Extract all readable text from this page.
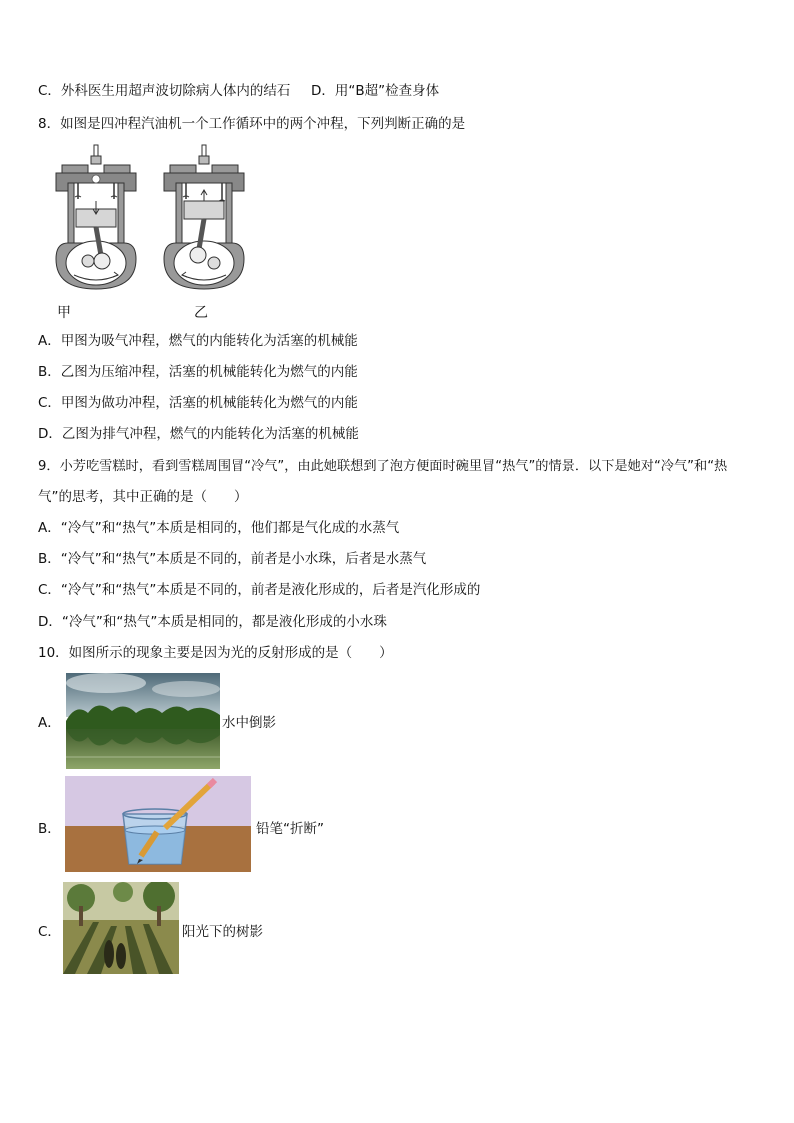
C．外科医生用超声波切除病人体内的结石 D．用“B超”检查身体
8．如图是四冲程汽油机一个工作循环中的两个冲程，下列判断正确的是
甲	乙
A．甲图为吸气冲程，燃气的内能转化为活塞的机械能
B．乙图为压缩冲程，活塞的机械能转化为燃气的内能
C．甲图为做功冲程，活塞的机械能转化为燃气的内能
D．乙图为排气冲程，燃气的内能转化为活塞的机械能
9．小芳吃雪糕时，看到雪糕周围冒“冷气”，由此她联想到了泡方便面时碗里冒“热气”的情景．以下是她对“冷气”和“热
气”的思考，其中正确的是（　　）
A．“冷气”和“热气”本质是相同的，他们都是气化成的水蒸气
B．“冷气”和“热气”本质是不同的，前者是小水珠，后者是水蒸气
C．“冷气”和“热气”本质是不同的，前者是液化形成的，后者是汽化形成的
D．“冷气”和“热气”本质是相同的，都是液化形成的小水珠
10．如图所示的现象主要是因为光的反射形成的是（　　）
A．	水中倒影
B．	铅笔“折断”
C．	阳光下的树影
